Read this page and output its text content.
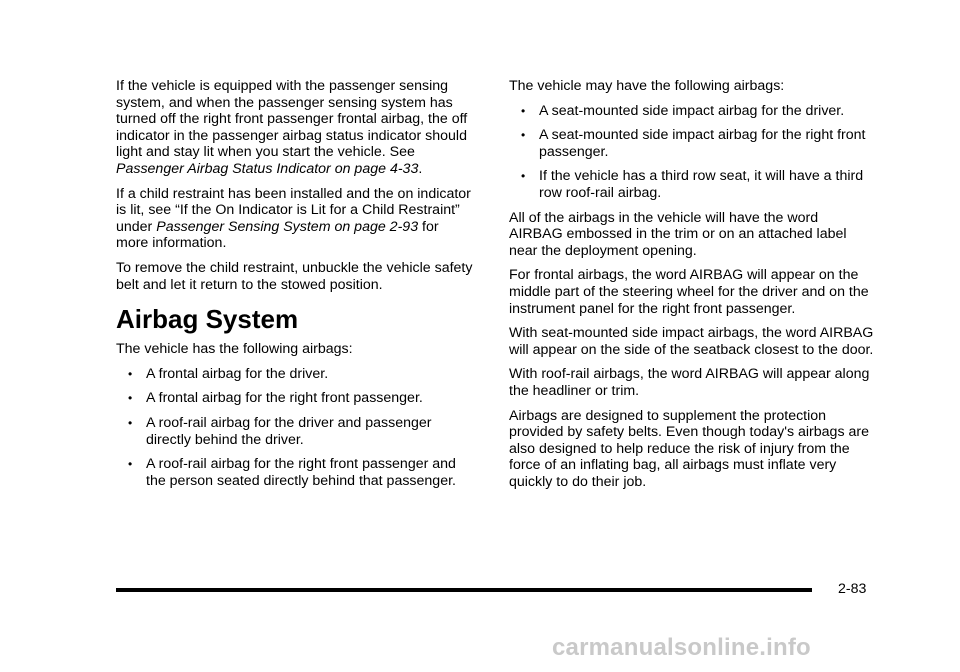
If the vehicle is equipped with the passenger sensing system, and when the passenger sensing system has turned off the right front passenger frontal airbag, the off indicator in the passenger airbag status indicator should light and stay lit when you start the vehicle. See Passenger Airbag Status Indicator on page 4-33.

If a child restraint has been installed and the on indicator is lit, see “If the On Indicator is Lit for a Child Restraint” under Passenger Sensing System on page 2-93 for more information.

To remove the child restraint, unbuckle the vehicle safety belt and let it return to the stowed position.

Airbag System

The vehicle has the following airbags:

• A frontal airbag for the driver.
• A frontal airbag for the right front passenger.
• A roof-rail airbag for the driver and passenger directly behind the driver.
• A roof-rail airbag for the right front passenger and the person seated directly behind that passenger.

The vehicle may have the following airbags:

• A seat-mounted side impact airbag for the driver.
• A seat-mounted side impact airbag for the right front passenger.
• If the vehicle has a third row seat, it will have a third row roof-rail airbag.

All of the airbags in the vehicle will have the word AIRBAG embossed in the trim or on an attached label near the deployment opening.

For frontal airbags, the word AIRBAG will appear on the middle part of the steering wheel for the driver and on the instrument panel for the right front passenger.

With seat-mounted side impact airbags, the word AIRBAG will appear on the side of the seatback closest to the door.

With roof-rail airbags, the word AIRBAG will appear along the headliner or trim.

Airbags are designed to supplement the protection provided by safety belts. Even though today's airbags are also designed to help reduce the risk of injury from the force of an inflating bag, all airbags must inflate very quickly to do their job.

2-83
carmanualsonline.info
